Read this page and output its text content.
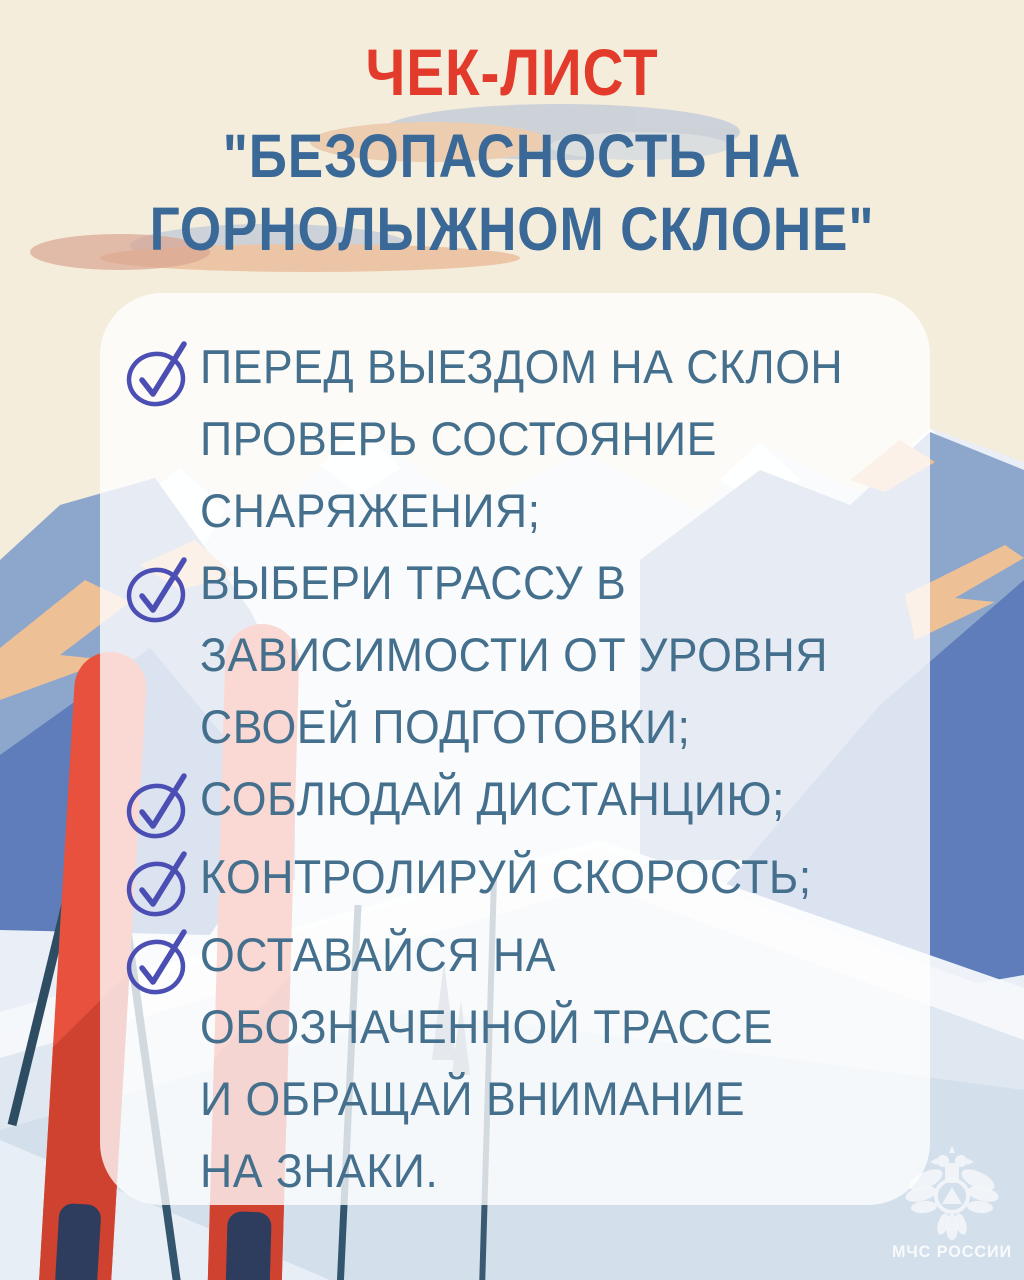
ЧЕК-ЛИСТ
"БЕЗОПАСНОСТЬ НА
ГОРНОЛЫЖНОМ СКЛОНЕ"
ПЕРЕД ВЫЕЗДОМ НА СКЛОН
ПРОВЕРЬ СОСТОЯНИЕ
СНАРЯЖЕНИЯ;
ВЫБЕРИ ТРАССУ В
ЗАВИСИМОСТИ ОТ УРОВНЯ
СВОЕЙ ПОДГОТОВКИ;
СОБЛЮДАЙ ДИСТАНЦИЮ;
КОНТРОЛИРУЙ СКОРОСТЬ;
ОСТАВАЙСЯ НА
ОБОЗНАЧЕННОЙ ТРАССЕ
И ОБРАЩАЙ ВНИМАНИЕ
НА ЗНАКИ.
МЧС РОССИИ
